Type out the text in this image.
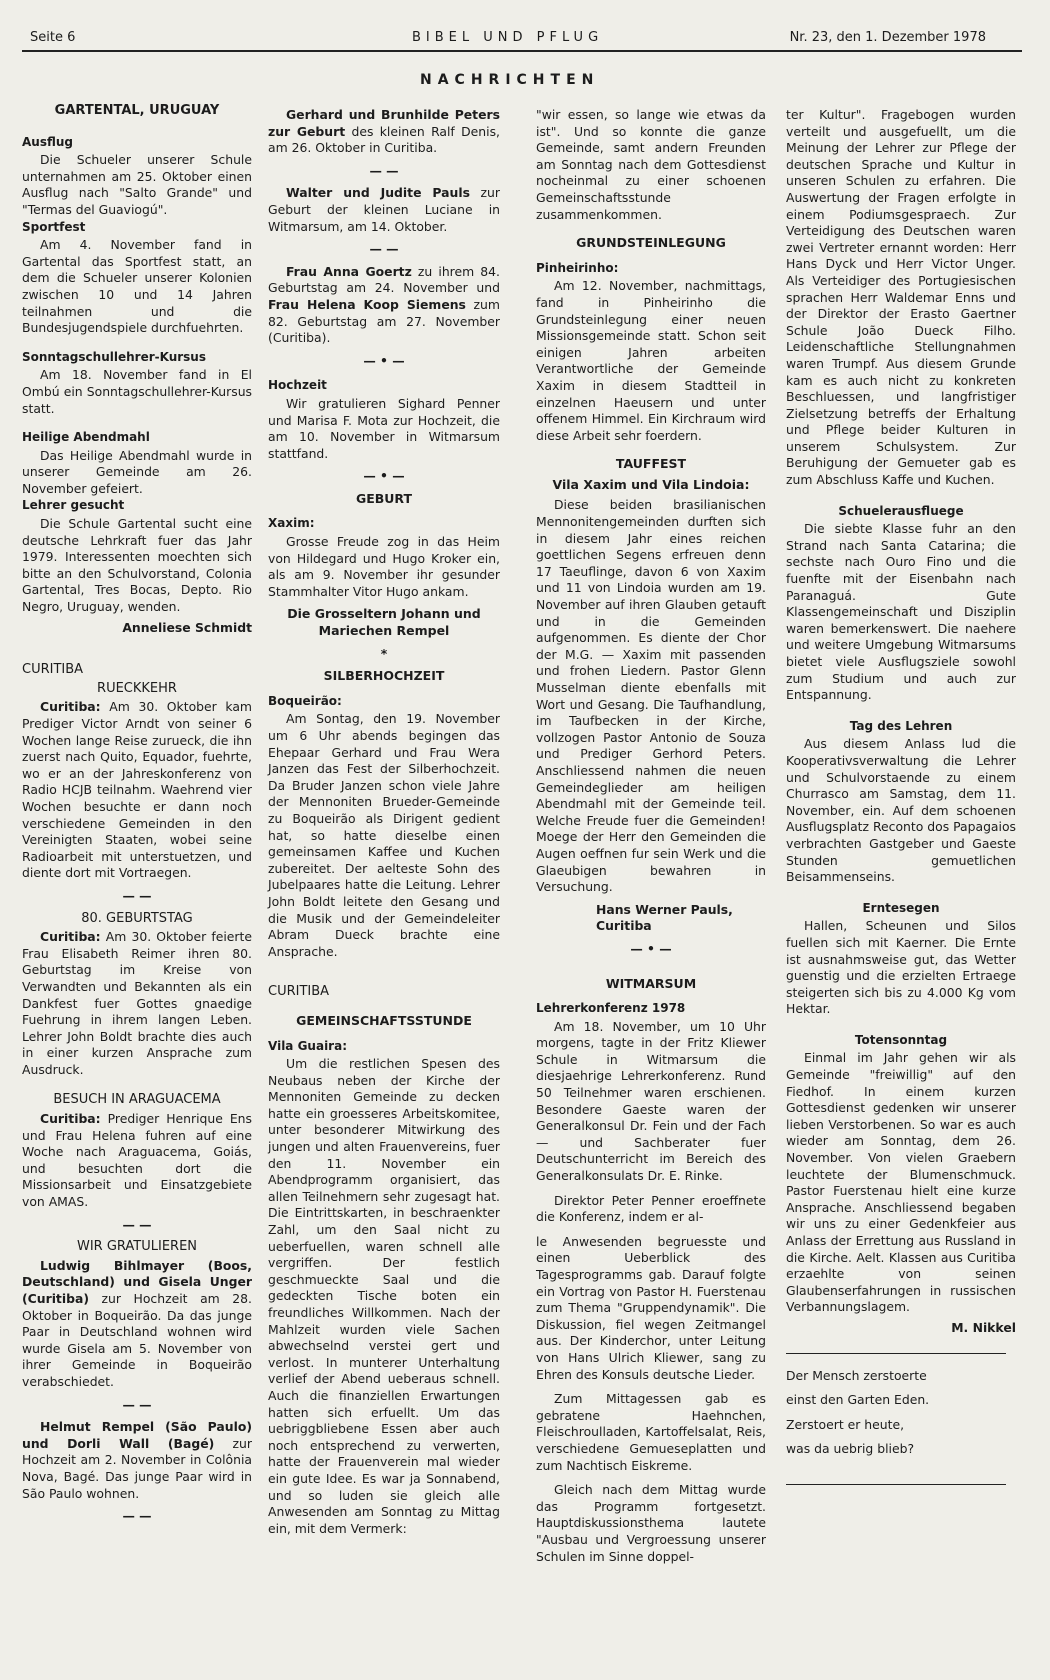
Seite 6	BIBEL UND PFLUG	Nr. 23, den 1. Dezember 1978
NACHRICHTEN
GARTENTAL, URUGUAY
Ausflug

Die Schueler unserer Schule unternahmen am 25. Oktober einen Ausflug nach "Salto Grande" und "Termas del Guaviogú".

Sportfest

Am 4. November fand in Gartental das Sportfest statt, an dem die Schueler unserer Kolonien zwischen 10 und 14 Jahren teilnahmen und die Bundesjugendspiele durchfuehrten.

Sonntagschullehrer-Kursus

Am 18. November fand in El Ombú ein Sonntagschullehrer-Kursus statt.

Heilige Abendmahl

Das Heilige Abendmahl wurde in unserer Gemeinde am 26. November gefeiert.

Lehrer gesucht

Die Schule Gartental sucht eine deutsche Lehrkraft fuer das Jahr 1979. Interessenten moechten sich bitte an den Schulvorstand, Colonia Gartental, Tres Bocas, Depto. Rio Negro, Uruguay, wenden.

Anneliese Schmidt
CURITIBA
RUECKKEHR

Curitiba: Am 30. Oktober kam Prediger Victor Arndt von seiner 6 Wochen lange Reise zurueck, die ihn zuerst nach Quito, Equador, fuehrte, wo er an der Jahreskonferenz von Radio HCJB teilnahm. Waehrend vier Wochen besuchte er dann noch verschiedene Gemeinden in den Vereinigten Staaten, wobei seine Radioarbeit mit unterstuetzen, und diente dort mit Vortraegen.

— —
80. GEBURTSTAG

Curitiba: Am 30. Oktober feierte Frau Elisabeth Reimer ihren 80. Geburtstag im Kreise von Verwandten und Bekannten als ein Dankfest fuer Gottes gnaedige Fuehrung in ihrem langen Leben. Lehrer John Boldt brachte dies auch in einer kurzen Ansprache zum Ausdruck.

BESUCH IN ARAGUACEMA

Curitiba: Prediger Henrique Ens und Frau Helena fuhren auf eine Woche nach Araguacema, Goiás, und besuchten dort die Missionsarbeit und Einsatzgebiete von AMAS.

— —
WIR GRATULIEREN

Ludwig Bihlmayer (Boos, Deutschland) und Gisela Unger (Curitiba) zur Hochzeit am 28. Oktober in Boqueirão. Da das junge Paar in Deutschland wohnen wird wurde Gisela am 5. November von ihrer Gemeinde in Boqueirão verabschiedet.

— —

Helmut Rempel (São Paulo) und Dorli Wall (Bagé) zur Hochzeit am 2. November in Colônia Nova, Bagé. Das junge Paar wird in São Paulo wohnen.

— —

Gerhard und Brunhilde Peters zur Geburt des kleinen Ralf Denis, am 26. Oktober in Curitiba.

— —

Walter und Judite Pauls zur Geburt der kleinen Luciane in Witmarsum, am 14. Oktober.

— —

Frau Anna Goertz zu ihrem 84. Geburtstag am 24. November und Frau Helena Koop Siemens zum 82. Geburtstag am 27. November (Curitiba).

— • —
Hochzeit

Wir gratulieren Sighard Penner und Marisa F. Mota zur Hochzeit, die am 10. November in Witmarsum stattfand.

— • —
GEBURT
Xaxim:

Grosse Freude zog in das Heim von Hildegard und Hugo Kroker ein, als am 9. November ihr gesunder Stammhalter Vitor Hugo ankam.

Die Grosseltern Johann und Mariechen Rempel
*
SILBERHOCHZEIT
Boqueirão:

Am Sontag, den 19. November um 6 Uhr abends begingen das Ehepaar Gerhard und Frau Wera Janzen das Fest der Silberhochzeit. Da Bruder Janzen schon viele Jahre der Mennoniten Brueder-Gemeinde zu Boqueirão als Dirigent gedient hat, so hatte dieselbe einen gemeinsamen Kaffee und Kuchen zubereitet. Der aelteste Sohn des Jubelpaares hatte die Leitung. Lehrer John Boldt leitete den Gesang und die Musik und der Gemeindeleiter Abram Dueck brachte eine Ansprache.

CURITIBA
GEMEINSCHAFTSSTUNDE
Vila Guaira:

Um die restlichen Spesen des Neubaus neben der Kirche der Mennoniten Gemeinde zu decken hatte ein groesseres Arbeitskomitee, unter besonderer Mitwirkung des jungen und alten Frauenvereins, fuer den 11. November ein Abendprogramm organisiert, das allen Teilnehmern sehr zugesagt hat. Die Eintrittskarten, in beschraenkter Zahl, um den Saal nicht zu ueberfuellen, waren schnell alle vergriffen. Der festlich geschmueckte Saal und die gedeckten Tische boten ein freundliches Willkommen. Nach der Mahlzeit wurden viele Sachen abwechselnd verstei gert und verlost. In munterer Unterhaltung verlief der Abend ueberaus schnell. Auch die finanziellen Erwartungen hatten sich erfuellt. Um das uebriggbliebene Essen aber auch noch entsprechend zu verwerten, hatte der Frauenverein mal wieder ein gute Idee. Es war ja Sonnabend, und so luden sie gleich alle Anwesenden am Sonntag zu Mittag ein, mit dem Vermerk:

"wir essen, so lange wie etwas da ist". Und so konnte die ganze Gemeinde, samt andern Freunden am Sonntag nach dem Gottesdienst nocheinmal zu einer schoenen Gemeinschaftsstunde zusammenkommen.

GRUNDSTEINLEGUNG
Pinheirinho:

Am 12. November, nachmittags, fand in Pinheirinho die Grundsteinlegung einer neuen Missionsgemeinde statt. Schon seit einigen Jahren arbeiten Verantwortliche der Gemeinde Xaxim in diesem Stadtteil in einzelnen Haeusern und unter offenem Himmel. Ein Kirchraum wird diese Arbeit sehr foerdern.

TAUFFEST
Vila Xaxim und Vila Lindoia:

Diese beiden brasilianischen Mennonitengemeinden durften sich in diesem Jahr eines reichen goettlichen Segens erfreuen denn 17 Taeuflinge, davon 6 von Xaxim und 11 von Lindoia wurden am 19. November auf ihren Glauben getauft und in die Gemeinden aufgenommen. Es diente der Chor der M.G. — Xaxim mit passenden und frohen Liedern. Pastor Glenn Musselman diente ebenfalls mit Wort und Gesang. Die Taufhandlung, im Taufbecken in der Kirche, vollzogen Pastor Antonio de Souza und Prediger Gerhord Peters. Anschliessend nahmen die neuen Gemeindeglieder am heiligen Abendmahl mit der Gemeinde teil. Welche Freude fuer die Gemeinden! Moege der Herr den Gemeinden die Augen oeffnen fur sein Werk und die Glaeubigen bewahren in Versuchung.

Hans Werner Pauls, Curitiba
— • —
WITMARSUM
Lehrerkonferenz 1978

Am 18. November, um 10 Uhr morgens, tagte in der Fritz Kliewer Schule in Witmarsum die diesjaehrige Lehrerkonferenz. Rund 50 Teilnehmer waren erschienen. Besondere Gaeste waren der Generalkonsul Dr. Fein und der Fach — und Sachberater fuer Deutschunterricht im Bereich des Generalkonsulats Dr. E. Rinke.

Direktor Peter Penner eroeffnete die Konferenz, indem er al-

le Anwesenden begruesste und einen Ueberblick des Tagesprogramms gab. Darauf folgte ein Vortrag von Pastor H. Fuerstenau zum Thema "Gruppendynamik". Die Diskussion, fiel wegen Zeitmangel aus. Der Kinderchor, unter Leitung von Hans Ulrich Kliewer, sang zu Ehren des Konsuls deutsche Lieder.

Zum Mittagessen gab es gebratene Haehnchen, Fleischroulladen, Kartoffelsalat, Reis, verschiedene Gemueseplatten und zum Nachtisch Eiskreme.

Gleich nach dem Mittag wurde das Programm fortgesetzt. Hauptdiskussionsthema lautete "Ausbau und Vergroessung unserer Schulen im Sinne doppel-

ter Kultur". Fragebogen wurden verteilt und ausgefuellt, um die Meinung der Lehrer zur Pflege der deutschen Sprache und Kultur in unseren Schulen zu erfahren. Die Auswertung der Fragen erfolgte in einem Podiumsgespraech. Zur Verteidigung des Deutschen waren zwei Vertreter ernannt worden: Herr Hans Dyck und Herr Victor Unger. Als Verteidiger des Portugiesischen sprachen Herr Waldemar Enns und der Direktor der Erasto Gaertner Schule João Dueck Filho. Leidenschaftliche Stellungnahmen waren Trumpf. Aus diesem Grunde kam es auch nicht zu konkreten Beschluessen, und langfristiger Zielsetzung betreffs der Erhaltung und Pflege beider Kulturen in unserem Schulsystem. Zur Beruhigung der Gemueter gab es zum Abschluss Kaffe und Kuchen.

Schuelerausfluege

Die siebte Klasse fuhr an den Strand nach Santa Catarina; die sechste nach Ouro Fino und die fuenfte mit der Eisenbahn nach Paranaguá. Gute Klassengemeinschaft und Disziplin waren bemerkenswert. Die naehere und weitere Umgebung Witmarsums bietet viele Ausflugsziele sowohl zum Studium und auch zur Entspannung.

Tag des Lehren

Aus diesem Anlass lud die Kooperativsverwaltung die Lehrer und Schulvorstaende zu einem Churrasco am Samstag, dem 11. November, ein. Auf dem schoenen Ausflugsplatz Reconto dos Papagaios verbrachten Gastgeber und Gaeste Stunden gemuetlichen Beisammenseins.

Erntesegen

Hallen, Scheunen und Silos fuellen sich mit Kaerner. Die Ernte ist ausnahmsweise gut, das Wetter guenstig und die erzielten Ertraege steigerten sich bis zu 4.000 Kg vom Hektar.

Totensonntag

Einmal im Jahr gehen wir als Gemeinde "freiwillig" auf den Fiedhof. In einem kurzen Gottesdienst gedenken wir unserer lieben Verstorbenen. So war es auch wieder am Sonntag, dem 26. November. Von vielen Graebern leuchtete der Blumenschmuck. Pastor Fuerstenau hielt eine kurze Ansprache. Anschliessend begaben wir uns zu einer Gedenkfeier aus Anlass der Errettung aus Russland in die Kirche. Aelt. Klassen aus Curitiba erzaehlte von seinen Glaubenserfahrungen in russischen Verbannungslagem.

M. Nikkel

Der Mensch zerstoerte

einst den Garten Eden.

Zerstoert er heute,

was da uebrig blieb?
